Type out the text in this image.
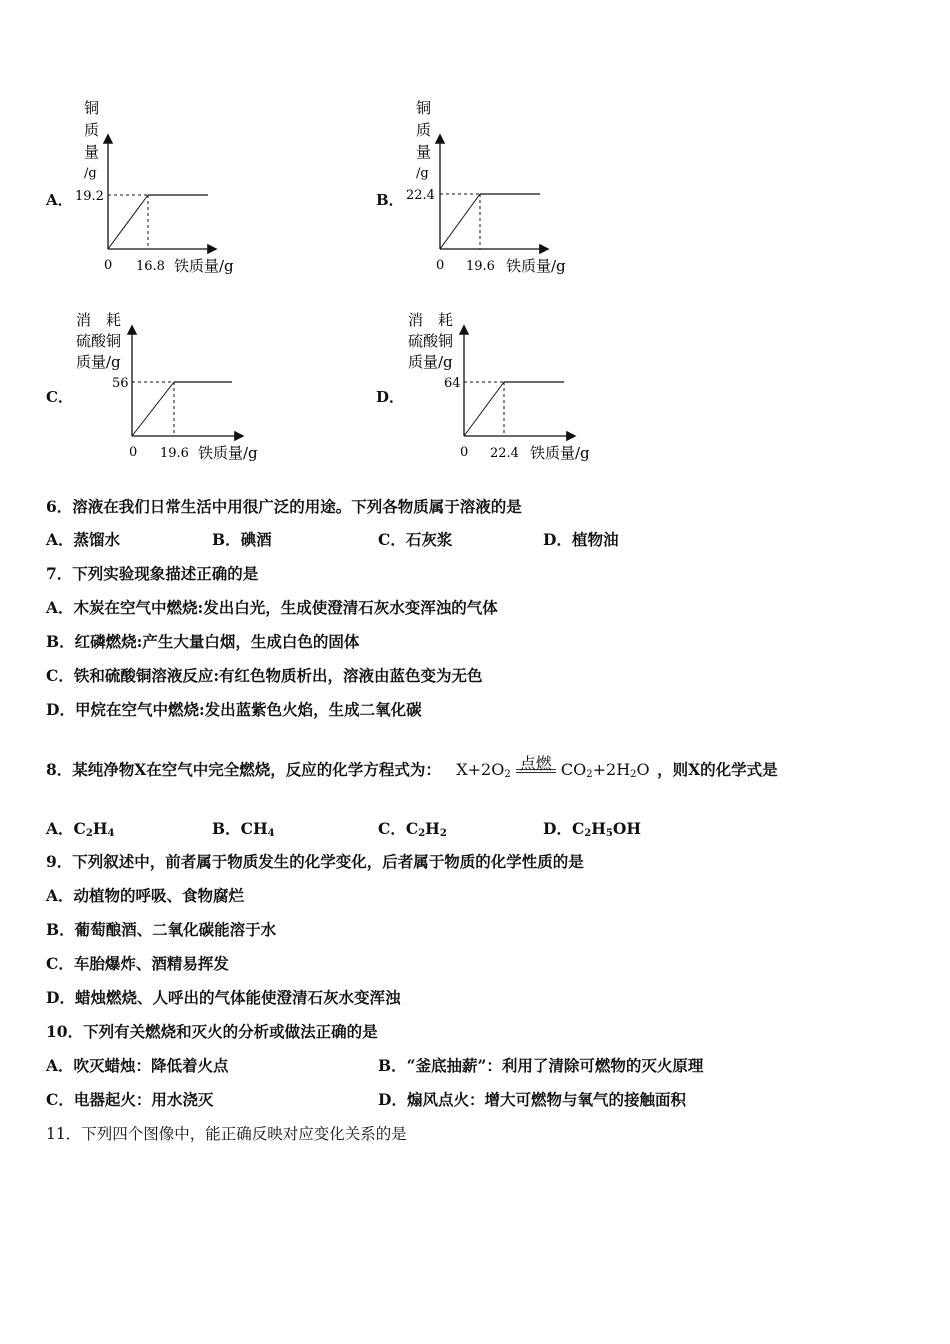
A．
铜
质
量
/g
19.2
0 16.8 铁质量/g
B．
铜
质
量
/g
22.4
0 19.6 铁质量/g
C．
消　耗
硫酸铜
质量/g
56
0 19.6 铁质量/g
D．
消　耗
硫酸铜
质量/g
64
0 22.4 铁质量/g
6．溶液在我们日常生活中用很广泛的用途。下列各物质属于溶液的是
A．蒸馏水	B．碘酒	C．石灰浆	D．植物油
7．下列实验现象描述正确的是
A．木炭在空气中燃烧:发出白光，生成使澄清石灰水变浑浊的气体
B．红磷燃烧:产生大量白烟，生成白色的固体
C．铁和硫酸铜溶液反应:有红色物质析出，溶液由蓝色变为无色
D．甲烷在空气中燃烧:发出蓝紫色火焰，生成二氧化碳
8．某纯净物X在空气中完全燃烧，反应的化学方程式为： $X+2O_2$
点燃 $CO_2+2H_2O$ ，则X的化学式是
A．$C_2H_4$	B．$CH_4$	C．$C_2H_2$	D．$C_2H_5OH$
9．下列叙述中，前者属于物质发生的化学变化，后者属于物质的化学性质的是
A．动植物的呼吸、食物腐烂
B．葡萄酿酒、二氧化碳能溶于水
C．车胎爆炸、酒精易挥发
D．蜡烛燃烧、人呼出的气体能使澄清石灰水变浑浊
10．下列有关燃烧和灭火的分析或做法正确的是
A．吹灭蜡烛：降低着火点	B．“釜底抽薪”：利用了清除可燃物的灭火原理
C．电器起火：用水浇灭	D．煽风点火：增大可燃物与氧气的接触面积
11．下列四个图像中，能正确反映对应变化关系的是
